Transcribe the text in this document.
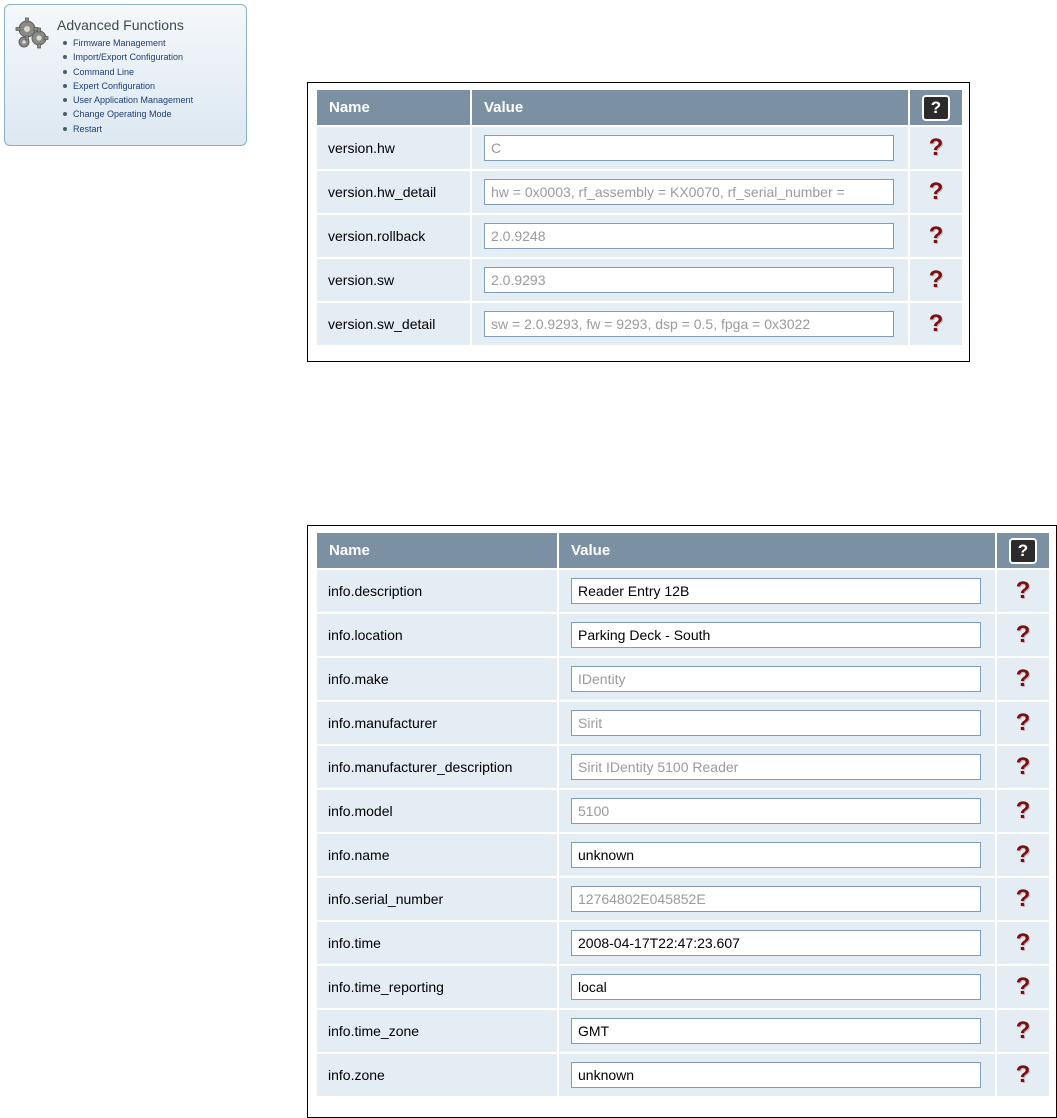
Advanced Functions
Firmware Management
Import/Export Configuration
Command Line
Expert Configuration
User Application Management
Change Operating Mode
Restart
Name	Value	?
version.hw	C	?
version.hw_detail	hw = 0x0003, rf_assembly = KX0070, rf_serial_number =	?
version.rollback	2.0.9248	?
version.sw	2.0.9293	?
version.sw_detail	sw = 2.0.9293, fw = 9293, dsp = 0.5, fpga = 0x3022	?
Name	Value	?
info.description	Reader Entry 12B	?
info.location	Parking Deck - South	?
info.make	IDentity	?
info.manufacturer	Sirit	?
info.manufacturer_description	Sirit IDentity 5100 Reader	?
info.model	5100	?
info.name	unknown	?
info.serial_number	12764802E045852E	?
info.time	2008-04-17T22:47:23.607	?
info.time_reporting	local	?
info.time_zone	GMT	?
info.zone	unknown	?
